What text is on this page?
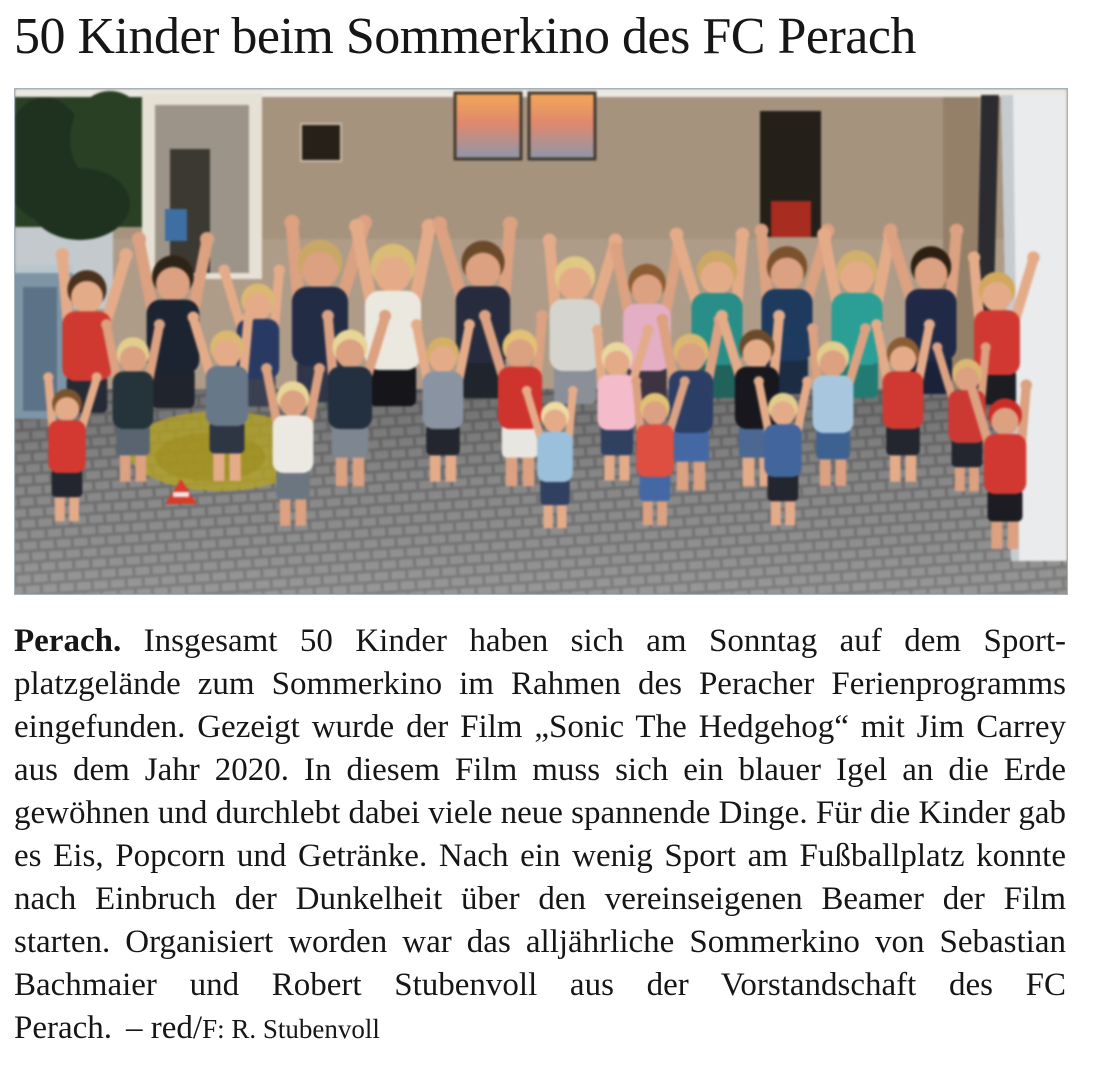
50 Kinder beim Sommerkino des FC Perach

Perach. Insgesamt 50 Kinder haben sich am Sonntag auf dem Sportplatzgelände zum Sommerkino im Rahmen des Peracher Ferienprogramms eingefunden. Gezeigt wurde der Film „Sonic The Hedgehog“ mit Jim Carrey aus dem Jahr 2020. In diesem Film muss sich ein blauer Igel an die Erde gewöhnen und durchlebt dabei viele neue spannende Dinge. Für die Kinder gab es Eis, Popcorn und Getränke. Nach ein wenig Sport am Fußballplatz konnte nach Einbruch der Dunkelheit über den vereinseigenen Beamer der Film starten. Organisiert worden war das alljährliche Sommerkino von Sebastian Bachmaier und Robert Stubenvoll aus der Vorstandschaft des FC Perach. – red/F: R. Stubenvoll
